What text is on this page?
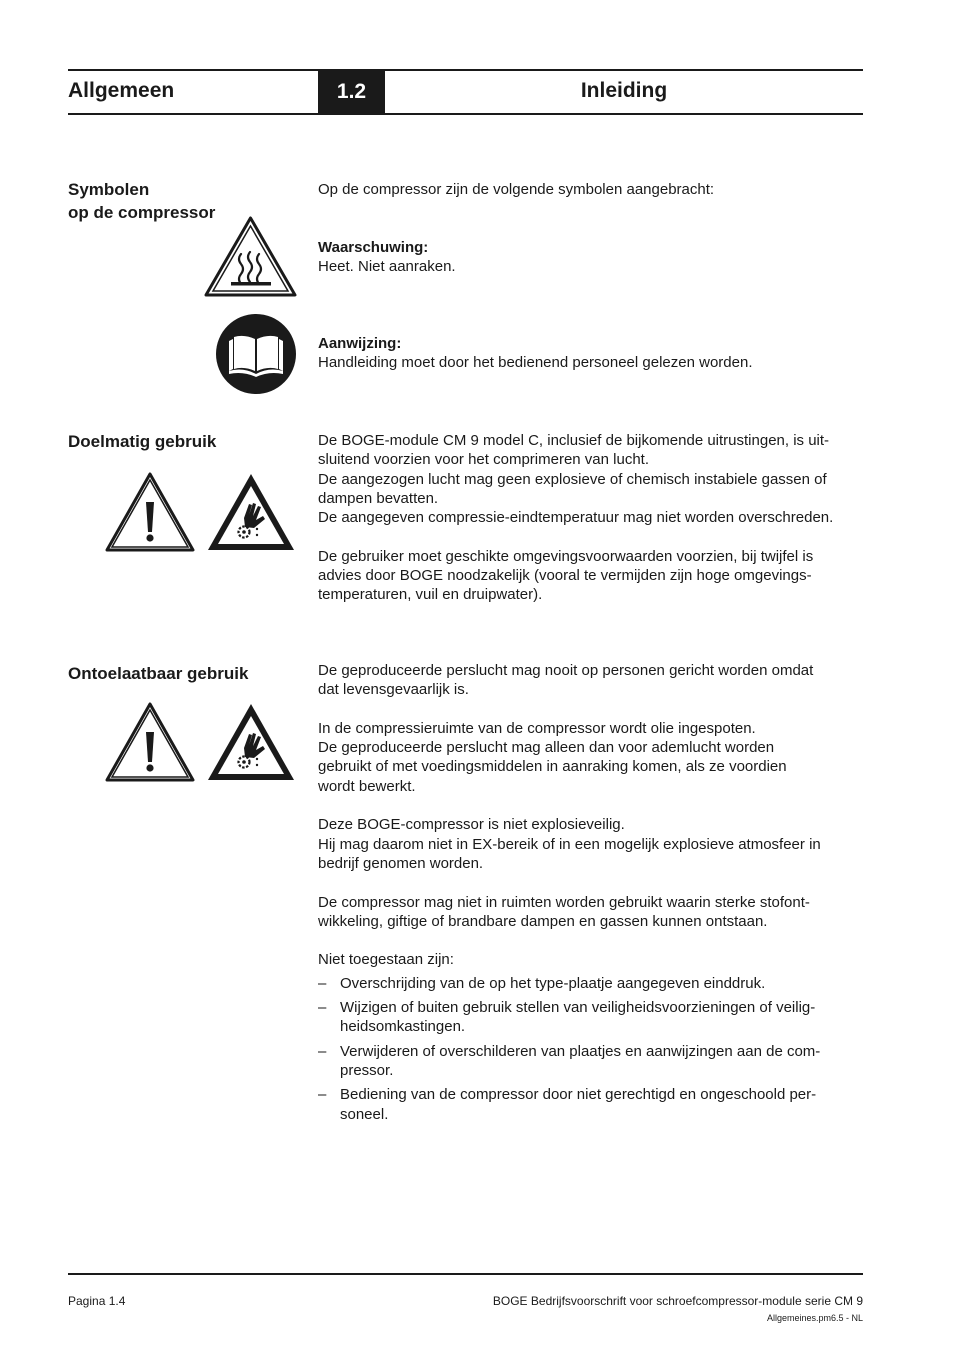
Allgemeen	1.2	Inleiding
Symbolen
op de compressor

Op de compressor zijn de volgende symbolen aangebracht:

Waarschuwing:

Heet. Niet aanraken.

Aanwijzing:

Handleiding moet door het bedienend personeel gelezen worden.

Doelmatig gebruik	De BOGE-module CM 9 model C, inclusief de bijkomende uitrustingen, is uit-

sluitend voorzien voor het comprimeren van lucht.

De aangezogen lucht mag geen explosieve of chemisch instabiele gassen of

dampen bevatten.

De aangegeven compressie-eindtemperatuur mag niet worden overschreden.

De gebruiker moet geschikte omgevingsvoorwaarden voorzien, bij twijfel is

advies door BOGE noodzakelijk (vooral te vermijden zijn hoge omgevings-

temperaturen, vuil en druipwater).

Ontoelaatbaar gebruik	De geproduceerde perslucht mag nooit op personen gericht worden omdat

dat levensgevaarlijk is.

In de compressieruimte van de compressor wordt olie ingespoten.

De geproduceerde perslucht mag alleen dan voor ademlucht worden

gebruikt of met voedingsmiddelen in aanraking komen, als ze voordien

wordt bewerkt.

Deze BOGE-compressor is niet explosieveilig.

Hij mag daarom niet in EX-bereik of in een mogelijk explosieve atmosfeer in

bedrijf genomen worden.

De compressor mag niet in ruimten worden gebruikt waarin sterke stofont-

wikkeling, giftige of brandbare dampen en gassen kunnen ontstaan.

Niet toegestaan zijn:

– Overschrijding van de op het type-plaatje aangegeven einddruk.
– Wijzigen of buiten gebruik stellen van veiligheidsvoorzieningen of veilig-
heidsomkastingen.
– Verwijderen of overschilderen van plaatjes en aanwijzingen aan de com-
pressor.
– Bediening van de compressor door niet gerechtigd en ongeschoold per-
soneel.
Pagina 1.4	BOGE Bedrijfsvoorschrift voor schroefcompressor-module serie CM 9
Allgemeines.pm6.5 - NL
